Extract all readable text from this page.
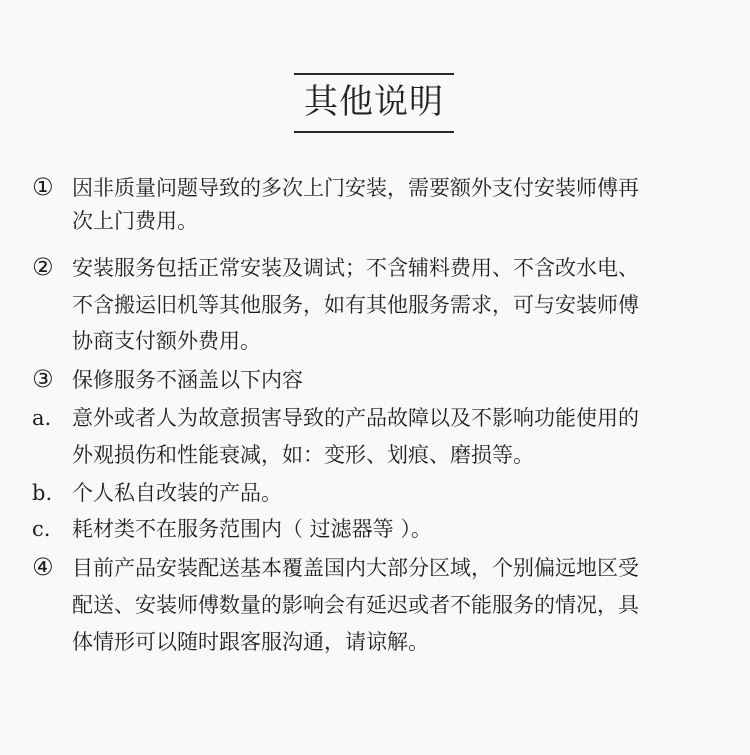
其他说明
① 因非质量问题导致的多次上门安装，需要额外支付安装师傅再
次上门费用。
② 安装服务包括正常安装及调试；不含辅料费用、不含改水电、
不含搬运旧机等其他服务，如有其他服务需求，可与安装师傅
协商支付额外费用。
③ 保修服务不涵盖以下内容
a. 意外或者人为故意损害导致的产品故障以及不影响功能使用的
外观损伤和性能衰减，如：变形、划痕、磨损等。
b. 个人私自改装的产品。
c. 耗材类不在服务范围内（ 过滤器等 ）。
④ 目前产品安装配送基本覆盖国内大部分区域，个别偏远地区受
配送、安装师傅数量的影响会有延迟或者不能服务的情况，具
体情形可以随时跟客服沟通，请谅解。
